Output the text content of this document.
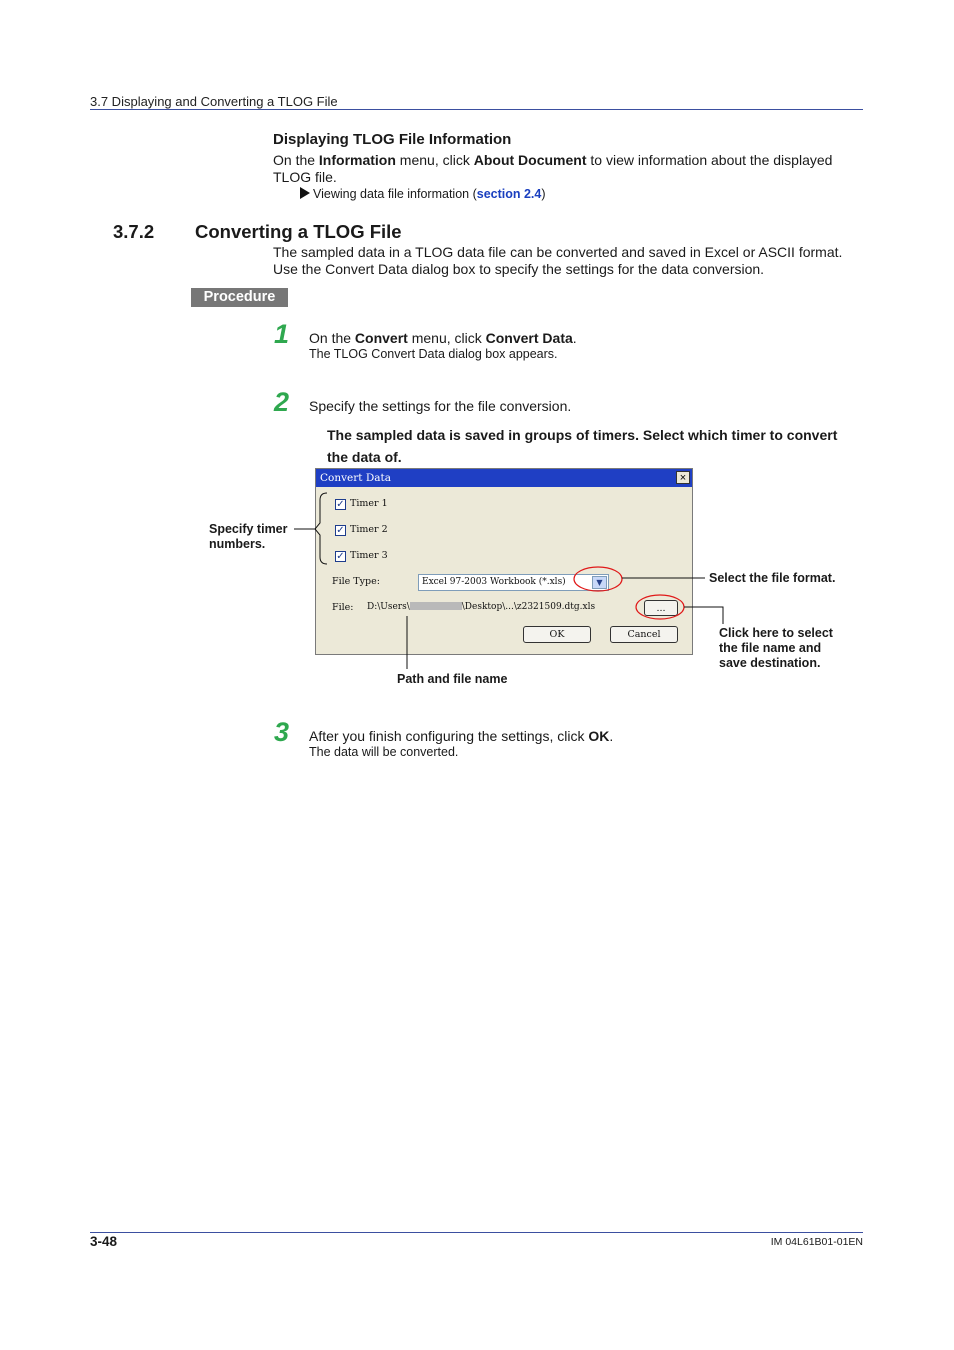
3.7 Displaying and Converting a TLOG File
Displaying TLOG File Information
On the Information menu, click About Document to view information about the displayed
TLOG file.
Viewing data file information (section 2.4)
3.7.2 Converting a TLOG File
The sampled data in a TLOG data file can be converted and saved in Excel or ASCII format.
Use the Convert Data dialog box to specify the settings for the data conversion.
Procedure
1 On the Convert menu, click Convert Data.
The TLOG Convert Data dialog box appears.
2 Specify the settings for the file conversion.
The sampled data is saved in groups of timers. Select which timer to convert
the data of.
Convert Data	×
✓ Timer 1
✓ Timer 2
✓ Timer 3
File Type:	Excel 97-2003 Workbook (*.xls)	▼
File: D:\Users\	\Desktop\...\z2321509.dtg.xls	...
OK	Cancel
Specify timer
numbers.
Select the file format.
Click here to select
the file name and
save destination.
Path and file name
3 After you finish configuring the settings, click OK.
The data will be converted.
3-48	IM 04L61B01-01EN
